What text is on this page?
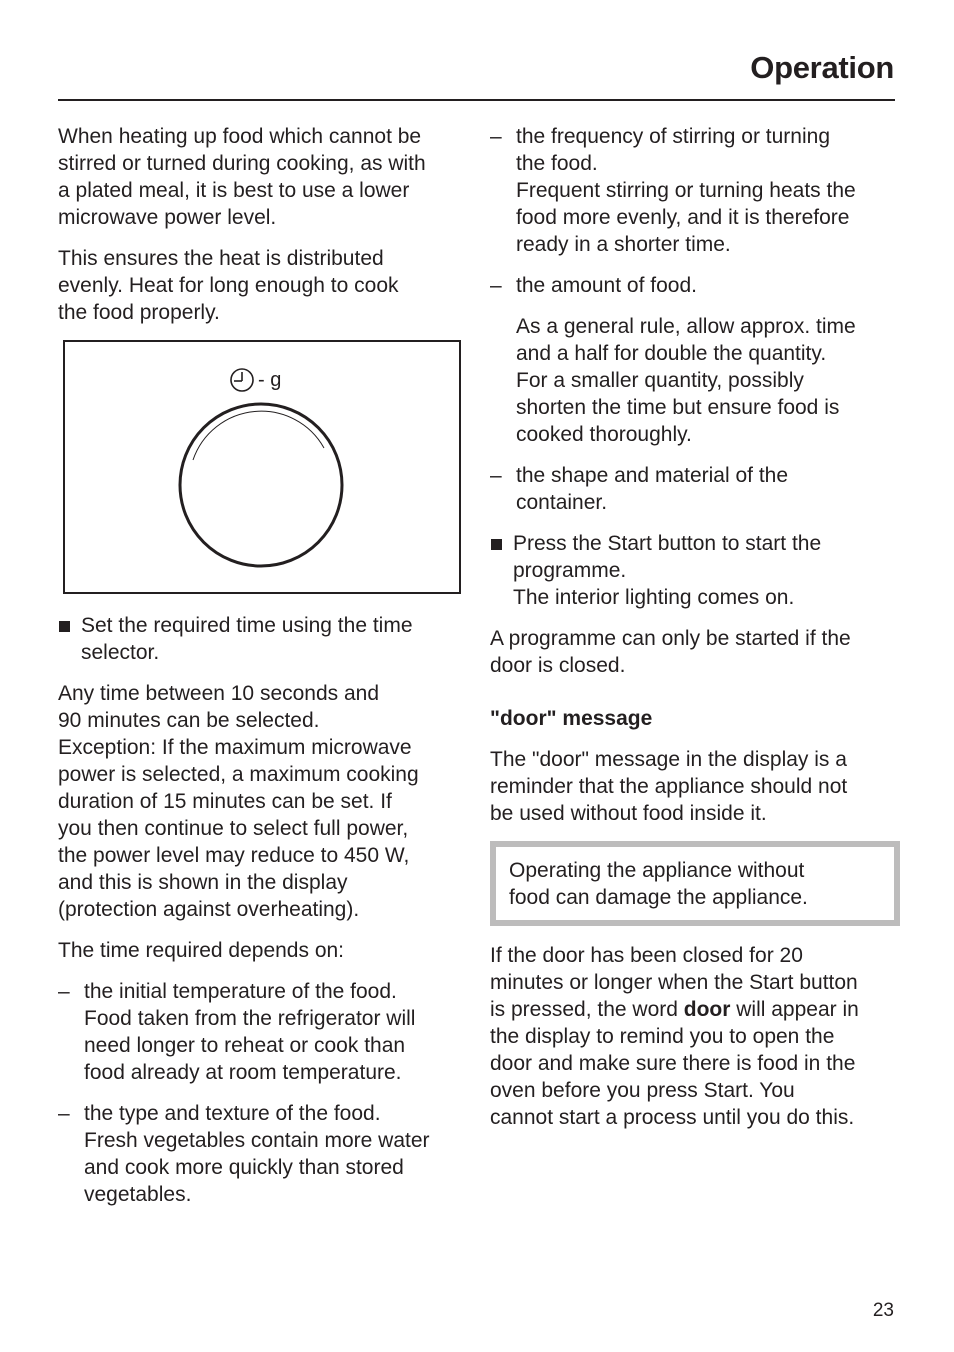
Operation

When heating up food which cannot be
stirred or turned during cooking, as with
a plated meal, it is best to use a lower
microwave power level.

This ensures the heat is distributed
evenly. Heat for long enough to cook
the food properly.

- g
Set the required time using the time
selector.

Any time between 10 seconds and
90 minutes can be selected.
Exception: If the maximum microwave
power is selected, a maximum cooking
duration of 15 minutes can be set. If
you then continue to select full power,
the power level may reduce to 450 W,
and this is shown in the display
(protection against overheating).

The time required depends on:

– the initial temperature of the food.
Food taken from the refrigerator will
need longer to reheat or cook than
food already at room temperature.
– the type and texture of the food.
Fresh vegetables contain more water
and cook more quickly than stored
vegetables.
– the frequency of stirring or turning
the food.
Frequent stirring or turning heats the
food more evenly, and it is therefore
ready in a shorter time.
– the amount of food.

As a general rule, allow approx. time
and a half for double the quantity.
For a smaller quantity, possibly
shorten the time but ensure food is
cooked thoroughly.

– the shape and material of the
container.
Press the Start button to start the
programme.
The interior lighting comes on.

A programme can only be started if the
door is closed.

"door" message

The "door" message in the display is a
reminder that the appliance should not
be used without food inside it.

Operating the appliance without
food can damage the appliance.

If the door has been closed for 20
minutes or longer when the Start button
is pressed, the word door will appear in
the display to remind you to open the
door and make sure there is food in the
oven before you press Start. You
cannot start a process until you do this.

23
